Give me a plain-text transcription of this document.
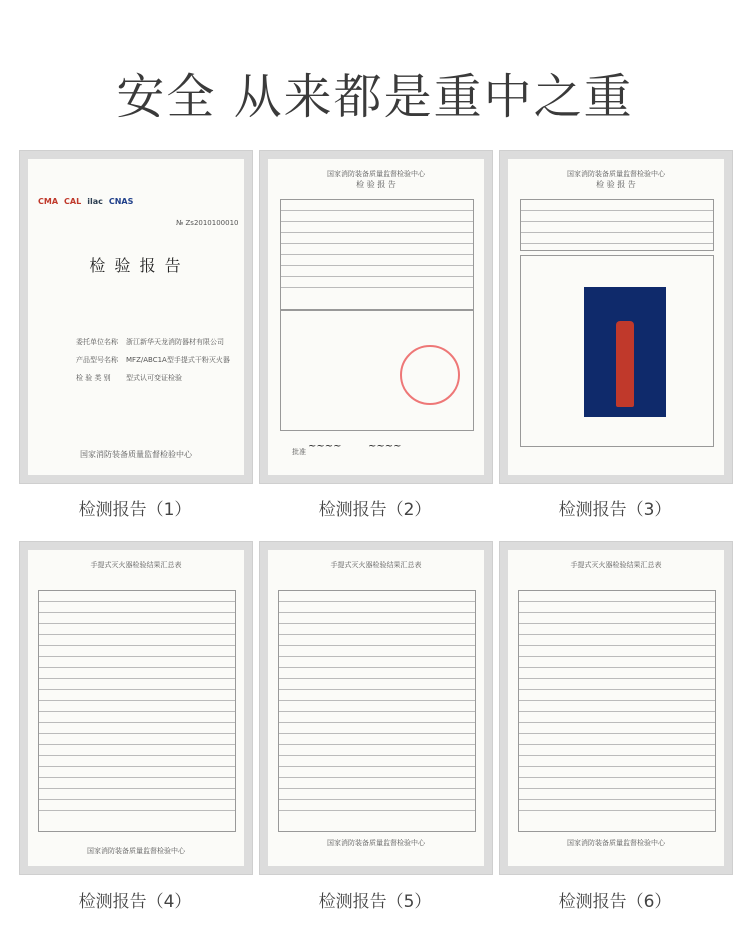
安全 从来都是重中之重
CMA CAL ilac CNAS
№ Zs2010100010
检 验 报 告
委托单位名称 浙江新华天龙消防器材有限公司
产品型号名称 MFZ/ABC1A型手提式干粉灭火器
检 验 类 别 型式认可变证检验
国家消防装备质量监督检验中心
检测报告（1）
国家消防装备质量监督检验中心
检 验 报 告
~~~~	~~~~
批准
检测报告（2）
国家消防装备质量监督检验中心
检 验 报 告
检测报告（3）
手提式灭火器检验结果汇总表
国家消防装备质量监督检验中心
检测报告（4）
手提式灭火器检验结果汇总表
国家消防装备质量监督检验中心
检测报告（5）
手提式灭火器检验结果汇总表
国家消防装备质量监督检验中心
检测报告（6）
